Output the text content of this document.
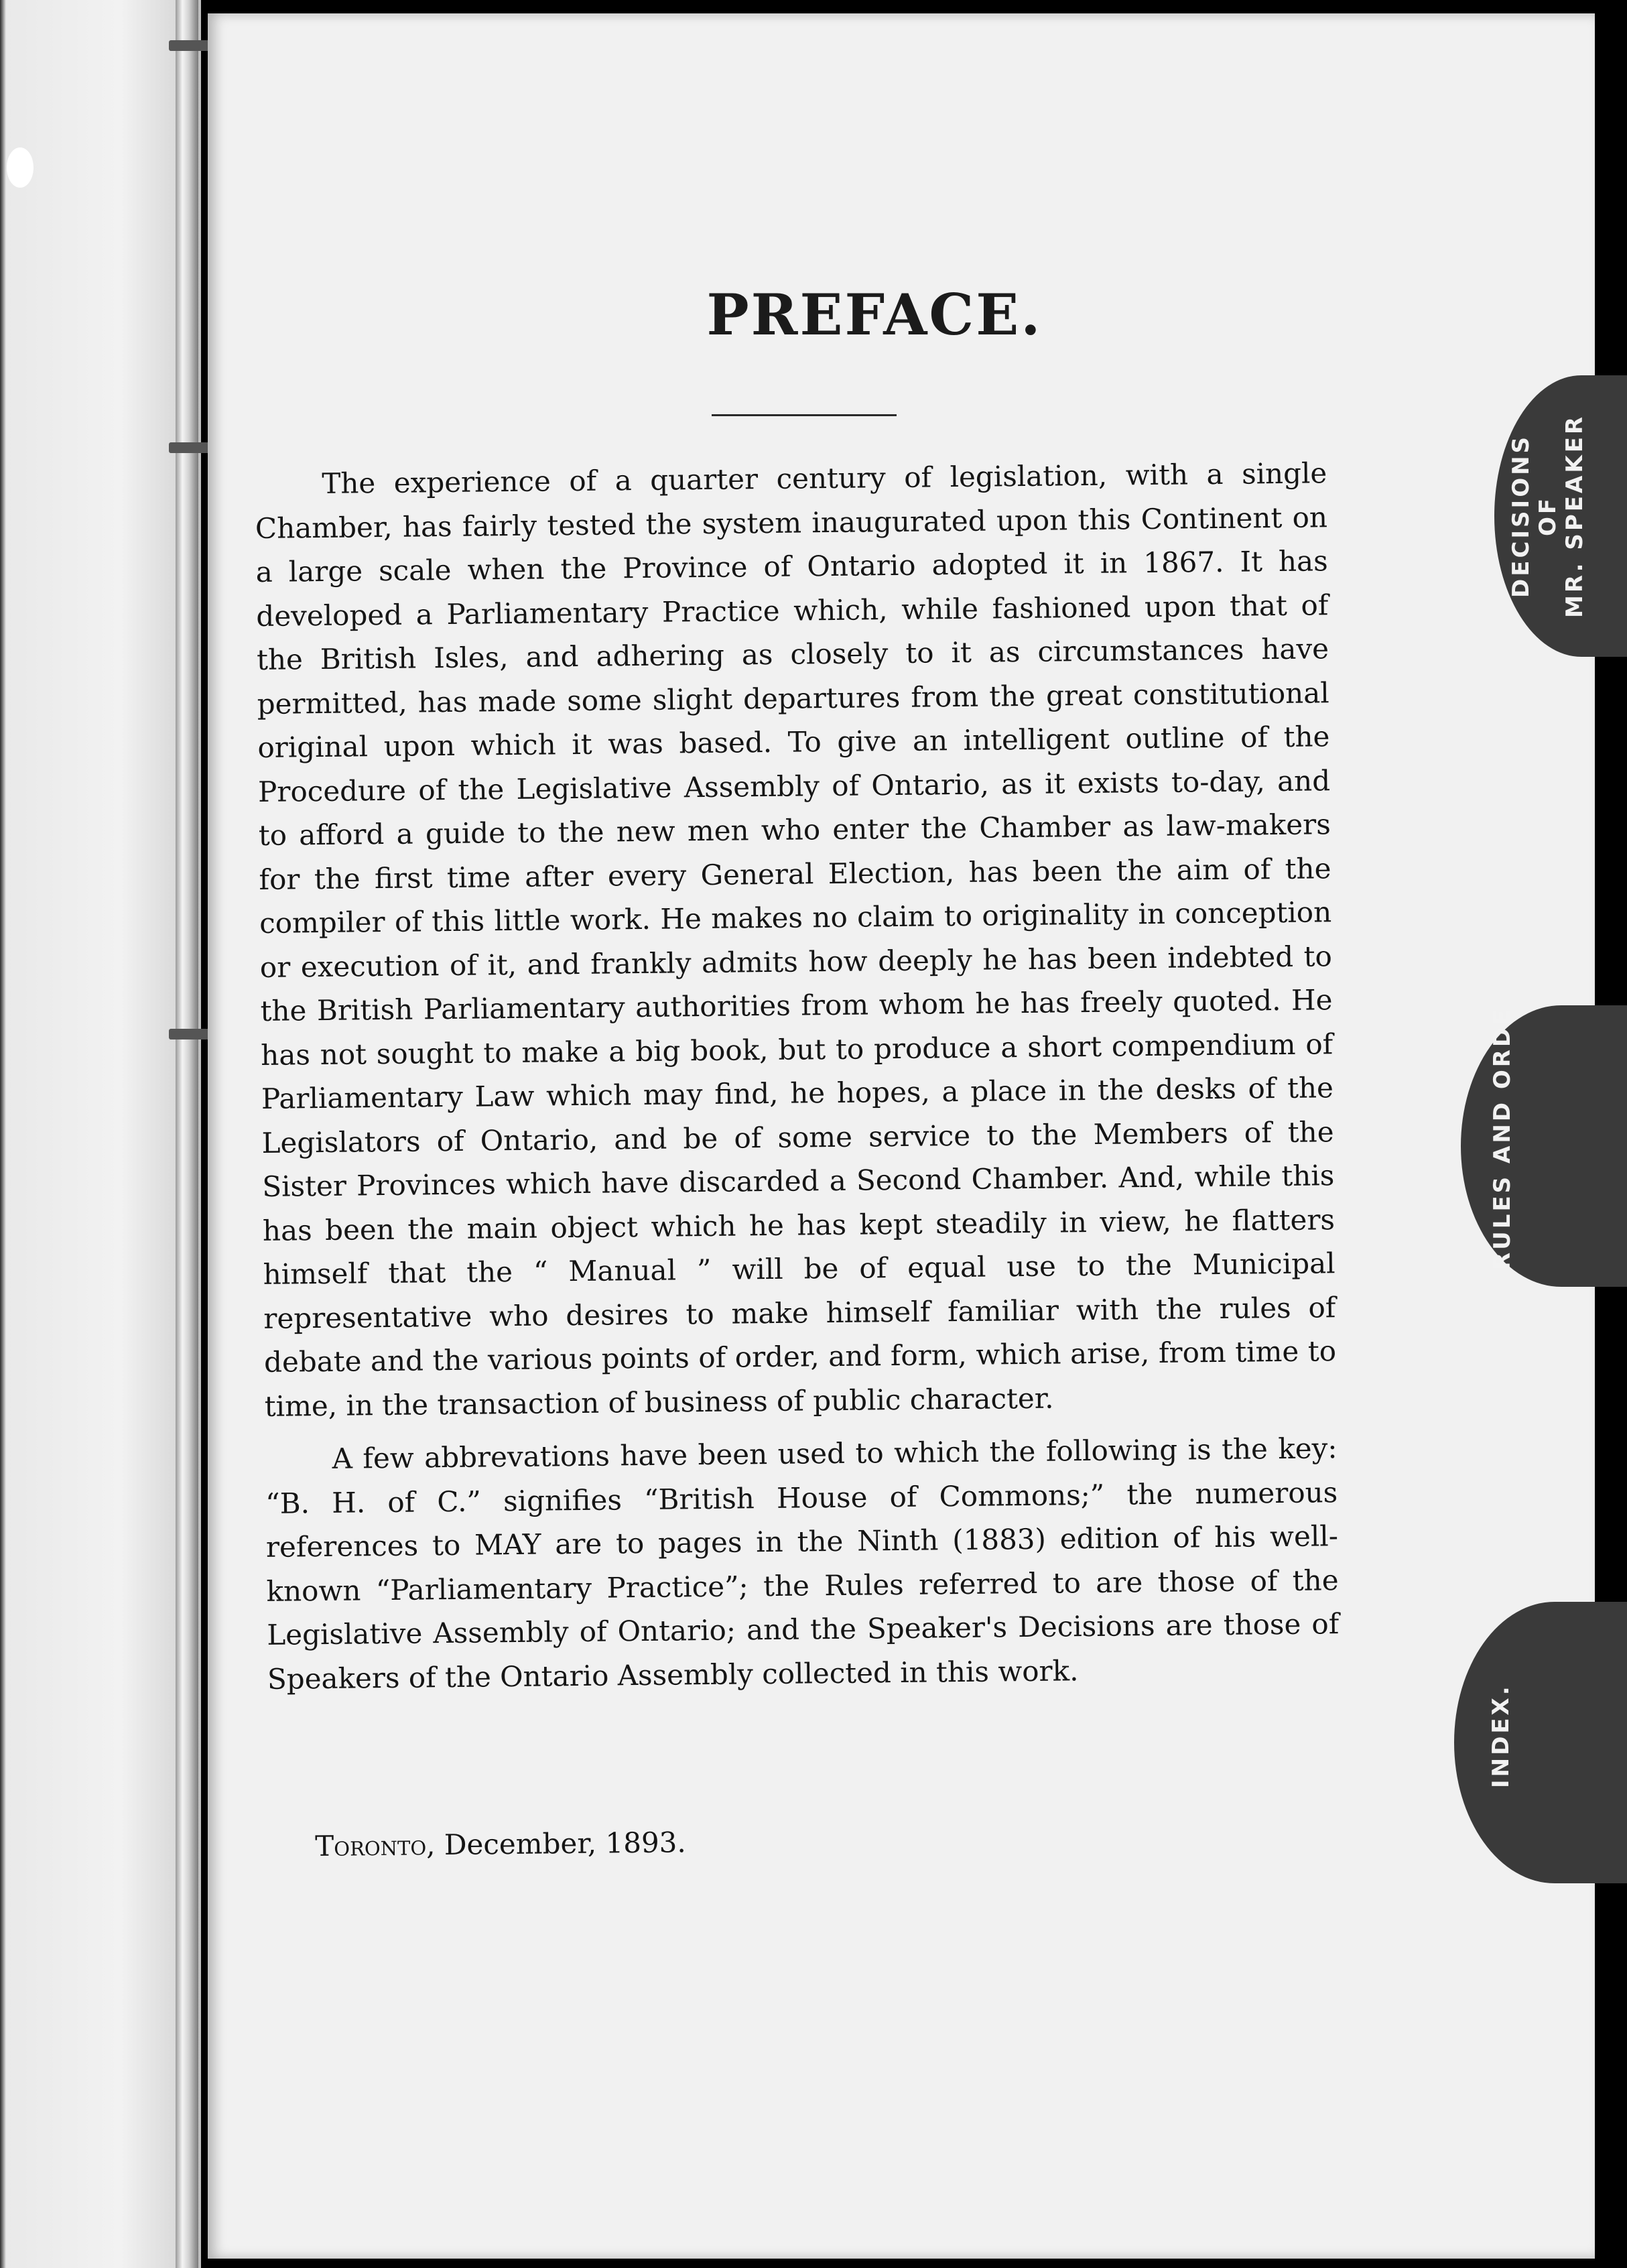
DECISIONS OF MR. SPEAKER
RULES AND ORDE
INDEX.
PREFACE.

The experience of a quarter century of legislation, with a single Chamber, has fairly tested the system inaugurated upon this Continent on a large scale when the Province of Ontario adopted it in 1867. It has developed a Parliamentary Practice which, while fashioned upon that of the British Isles, and adhering as closely to it as circumstances have permitted, has made some slight departures from the great constitutional original upon which it was based. To give an intelligent outline of the Procedure of the Legislative Assembly of Ontario, as it exists to-day, and to afford a guide to the new men who enter the Chamber as law-makers for the first time after every General Election, has been the aim of the compiler of this little work. He makes no claim to originality in conception or execution of it, and frankly admits how deeply he has been indebted to the British Parliamentary authorities from whom he has freely quoted. He has not sought to make a big book, but to produce a short compendium of Parliamentary Law which may find, he hopes, a place in the desks of the Legislators of Ontario, and be of some service to the Members of the Sister Provinces which have discarded a Second Chamber. And, while this has been the main object which he has kept steadily in view, he flatters himself that the “ Manual ” will be of equal use to the Municipal representative who desires to make himself familiar with the rules of debate and the various points of order, and form, which arise, from time to time, in the transaction of business of public character.

A few abbrevations have been used to which the following is the key: “B. H. of C.” signifies “British House of Commons;” the numerous references to MAY are to pages in the Ninth (1883) edition of his well-known “Parliamentary Practice”; the Rules referred to are those of the Legislative Assembly of Ontario; and the Speaker's Decisions are those of Speakers of the Ontario Assembly collected in this work.

Toronto, December, 1893.
